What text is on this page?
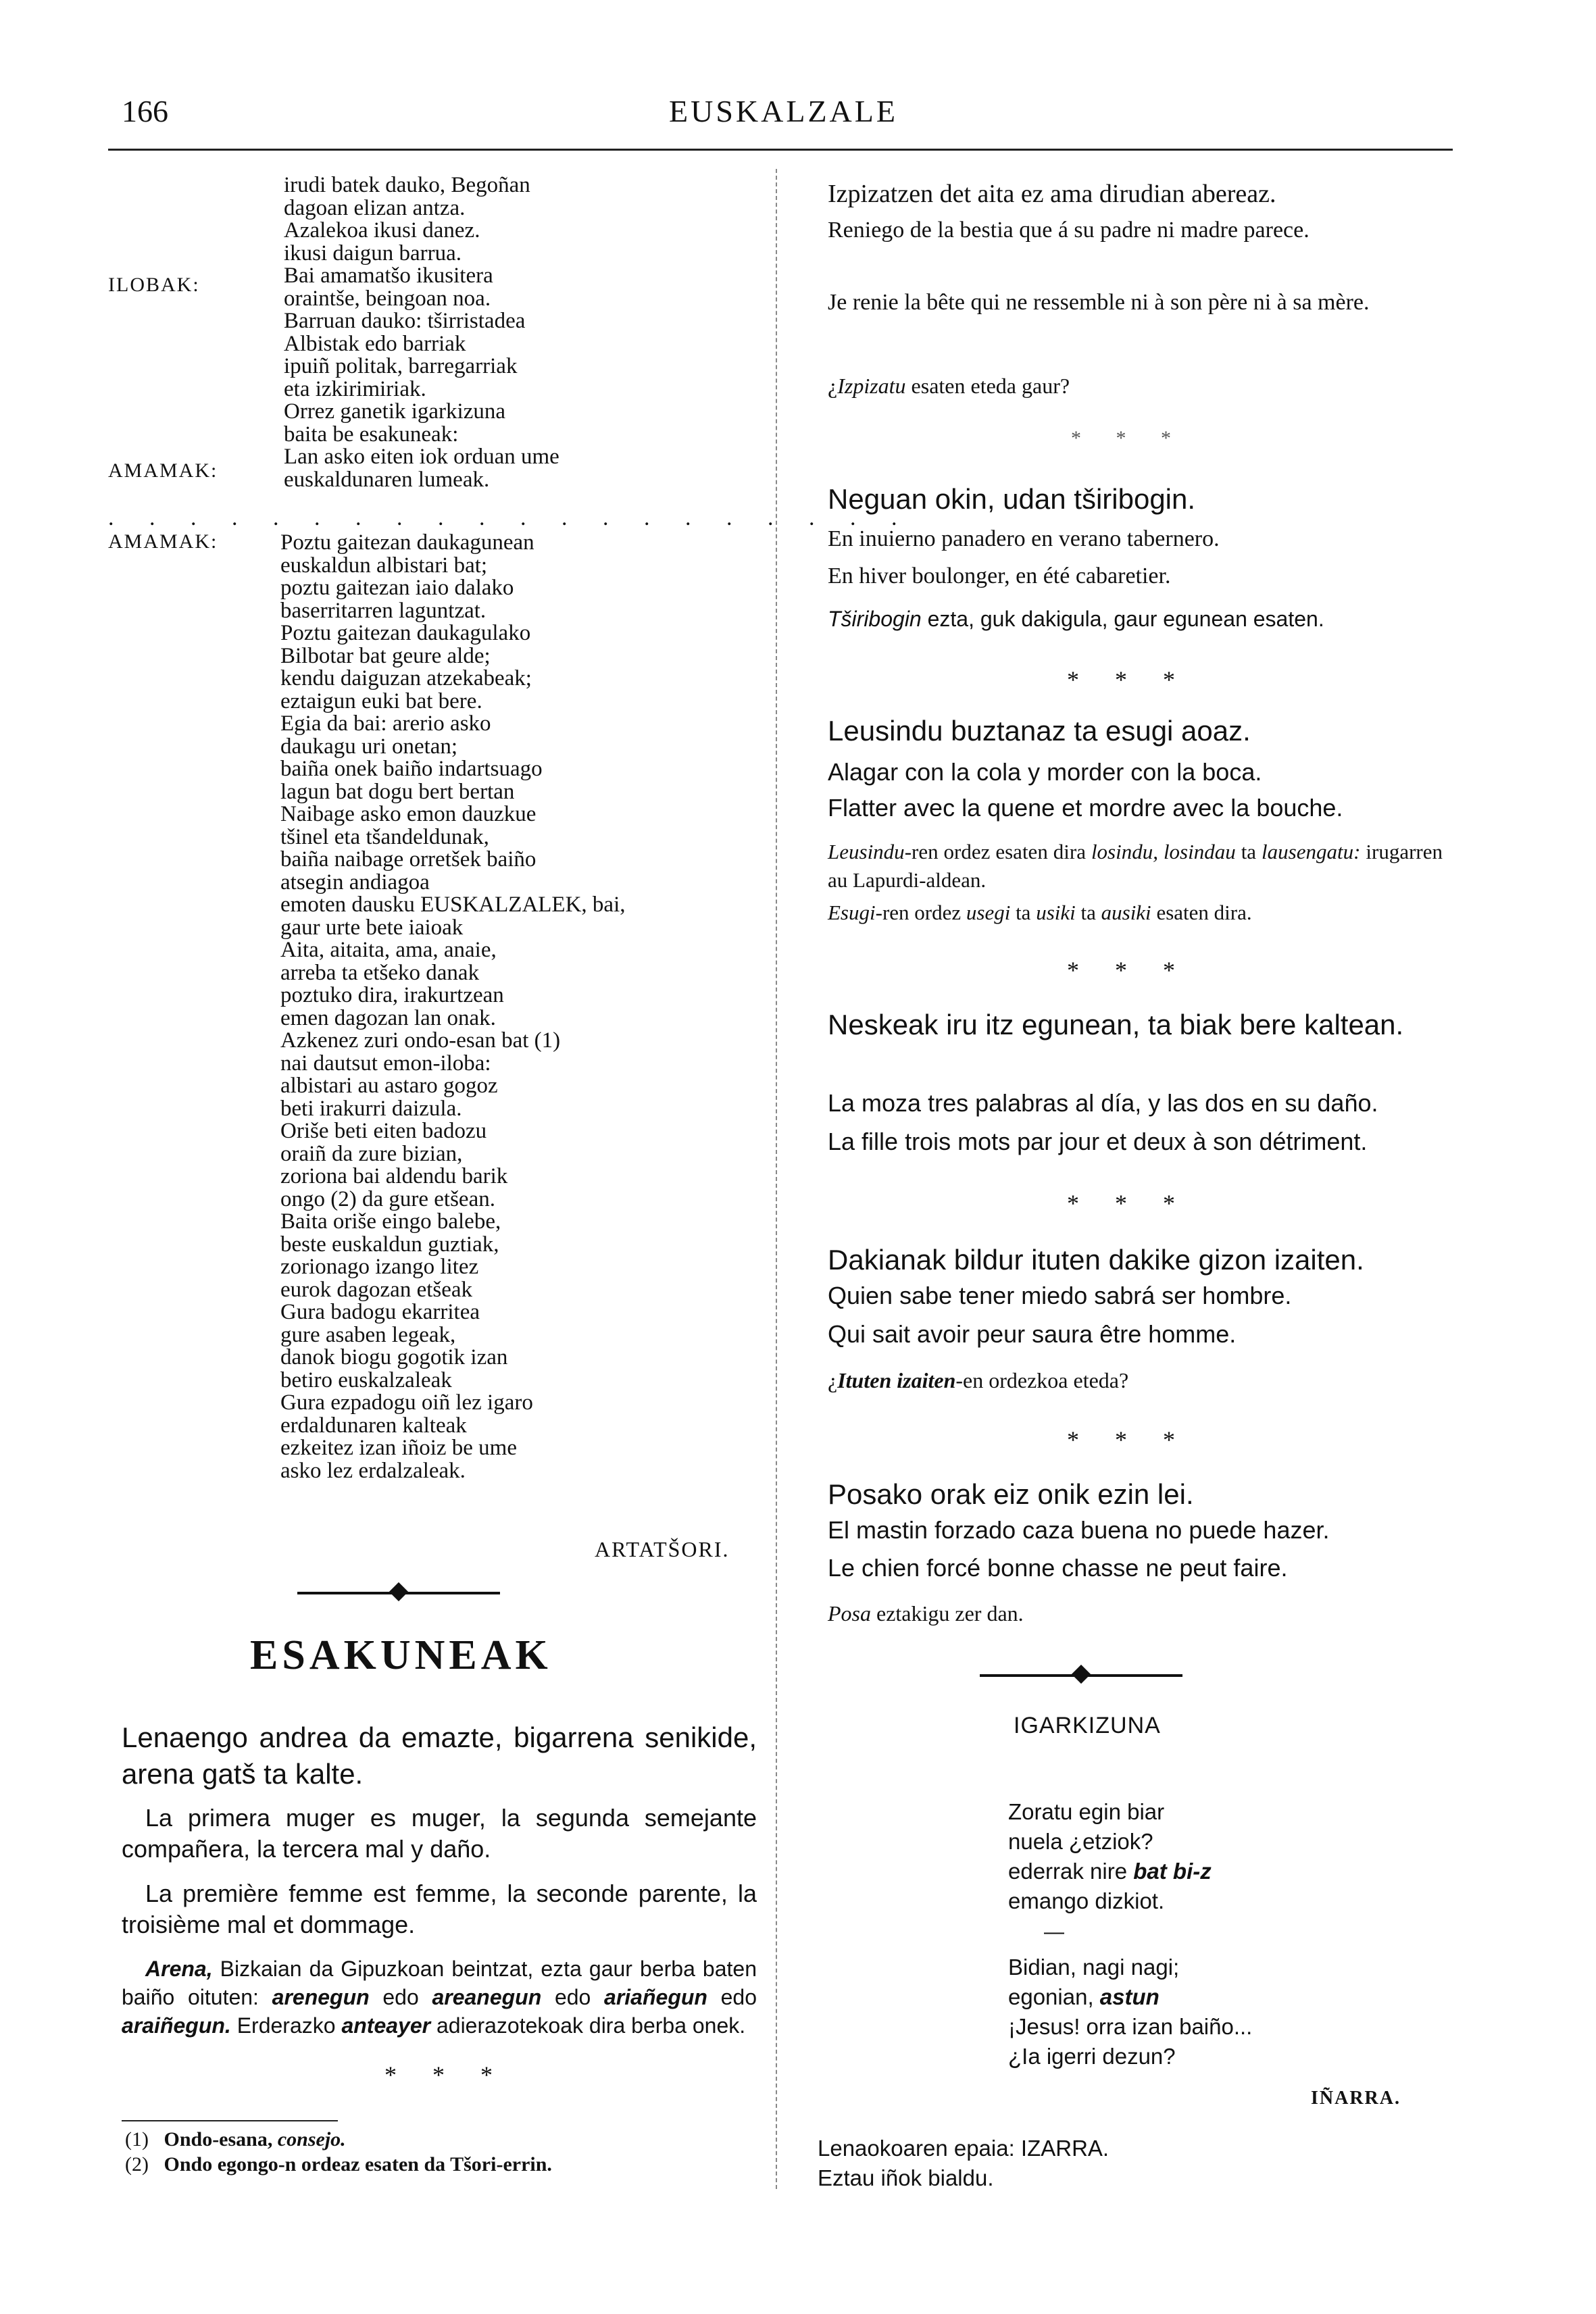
166	EUSKALZALE
ILOBAK:
AMAMAK:
AMAMAK:
irudi batek dauko, Begoñan
dagoan elizan antza.
Azalekoa ikusi danez.
ikusi daigun barrua.
Bai amamatšo ikusitera
oraintše, beingoan noa.
Barruan dauko: tširristadea
Albistak edo barriak
ipuiñ politak, barregarriak
eta izkirimiriak.
Orrez ganetik igarkizuna
baita be esakuneak:
Lan asko eiten iok orduan ume
euskaldunaren lumeak.
. . . . . . . . . . . . . . . . . . . .
Poztu gaitezan daukagunean
euskaldun albistari bat;
poztu gaitezan iaio dalako
baserritarren laguntzat.
Poztu gaitezan daukagulako
Bilbotar bat geure alde;
kendu daiguzan atzekabeak;
eztaigun euki bat bere.
Egia da bai: arerio asko
daukagu uri onetan;
baiña onek baiño indartsuago
lagun bat dogu bert bertan
Naibage asko emon dauzkue
tšinel eta tšandeldunak,
baiña naibage orretšek baiño
atsegin andiagoa
emoten dausku EUSKALZALEK, bai,
gaur urte bete iaioak
Aita, aitaita, ama, anaie,
arreba ta etšeko danak
poztuko dira, irakurtzean
emen dagozan lan onak.
Azkenez zuri ondo-esan bat (1)
nai dautsut emon-iloba:
albistari au astaro gogoz
beti irakurri daizula.
Oriše beti eiten badozu
oraiñ da zure bizian,
zoriona bai aldendu barik
ongo (2) da gure etšean.
Baita oriše eingo balebe,
beste euskaldun guztiak,
zorionago izango litez
eurok dagozan etšeak
Gura badogu ekarritea
gure asaben legeak,
danok biogu gogotik izan
betiro euskalzaleak
Gura ezpadogu oiñ lez igaro
erdaldunaren kalteak
ezkeitez izan iñoiz be ume
asko lez erdalzaleak.
ARTATŠORI.
ESAKUNEAK
Lenaengo andrea da emazte, bigarrena senikide, arena gatš ta kalte.
La primera muger es muger, la segunda semejante compañera, la tercera mal y daño.
La première femme est femme, la seconde parente, la troisième mal et dommage.
Arena, Bizkaian da Gipuzkoan beintzat, ezta gaur berba baten baiño oituten: arenegun edo areanegun edo ariañegun edo araiñegun. Erderazko anteayer adierazotekoak dira berba onek.
* * *
(1) Ondo-esana, consejo.
(2) Ondo egongo-n ordeaz esaten da Tšori-errin.
Izpizatzen det aita ez ama dirudian abereaz.
Reniego de la bestia que á su padre ni madre parece.
Je renie la bête qui ne ressemble ni à son père ni à sa mère.
¿Izpizatu esaten eteda gaur?
* * *
Neguan okin, udan tširibogin.
En inuierno panadero en verano tabernero.
En hiver boulonger, en été cabaretier.
Tširibogin ezta, guk dakigula, gaur egunean esaten.
* * *
Leusindu buztanaz ta esugi aoaz.
Alagar con la cola y morder con la boca.
Flatter avec la quene et mordre avec la bouche.
Leusindu-ren ordez esaten dira losindu, losindau ta lausengatu: irugarren au Lapurdi-aldean.
Esugi-ren ordez usegi ta usiki ta ausiki esaten dira.
* * *
Neskeak iru itz egunean, ta biak bere kaltean.
La moza tres palabras al día, y las dos en su daño.
La fille trois mots par jour et deux à son détriment.
* * *
Dakianak bildur ituten dakike gizon izaiten.
Quien sabe tener miedo sabrá ser hombre.
Qui sait avoir peur saura être homme.
¿Ituten izaiten-en ordezkoa eteda?
* * *
Posako orak eiz onik ezin lei.
El mastin forzado caza buena no puede hazer.
Le chien forcé bonne chasse ne peut faire.
Posa eztakigu zer dan.
IGARKIZUNA
Zoratu egin biar
nuela ¿etziok?
ederrak nire bat bi-z
emango dizkiot.
—
Bidian, nagi nagi;
egonian, astun
¡Jesus! orra izan baiño...
¿Ia igerri dezun?
IÑARRA.
Lenaokoaren epaia: IZARRA.
Eztau iñok bialdu.
